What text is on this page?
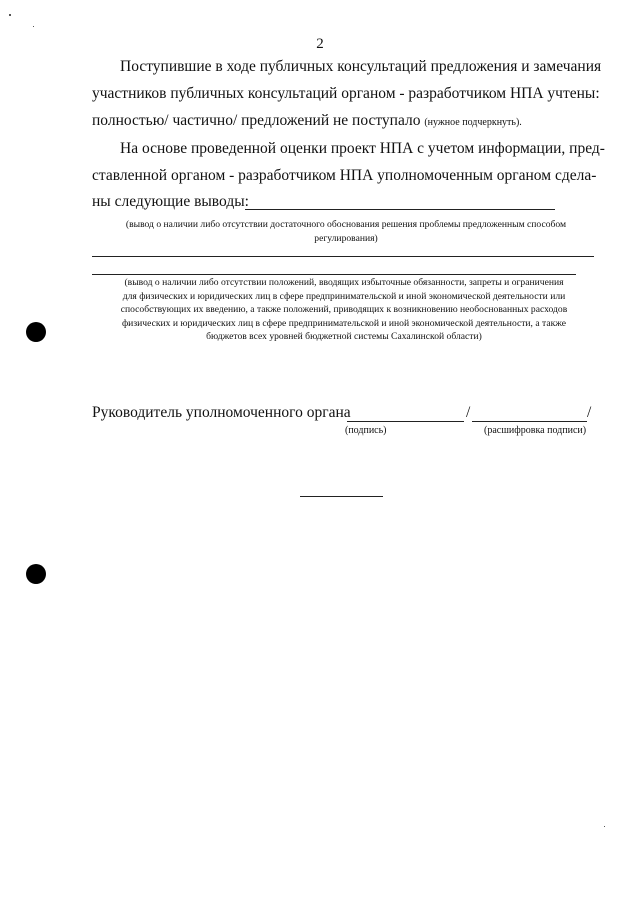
2
Поступившие в ходе публичных консультаций предложения и замечания
участников публичных консультаций органом - разработчиком НПА учтены:
полностью/ частично/ предложений не поступало (нужное подчеркнуть).
На основе проведенной оценки проект НПА с учетом информации, пред-
ставленной органом - разработчиком НПА уполномоченным органом сдела-
ны следующие выводы:
(вывод о наличии либо отсутствии достаточного обоснования решения проблемы предложенным способом
регулирования)
(вывод о наличии либо отсутствии положений, вводящих избыточные обязанности, запреты и ограничения
для физических и юридических лиц в сфере предпринимательской и иной экономической деятельности или
способствующих их введению, а также положений, приводящих к возникновению необоснованных расходов
физических и юридических лиц в сфере предпринимательской и иной экономической деятельности, а также
бюджетов всех уровней бюджетной системы Сахалинской области)
Руководитель уполномоченного органа	/	/
(подпись)	(расшифровка подписи)
